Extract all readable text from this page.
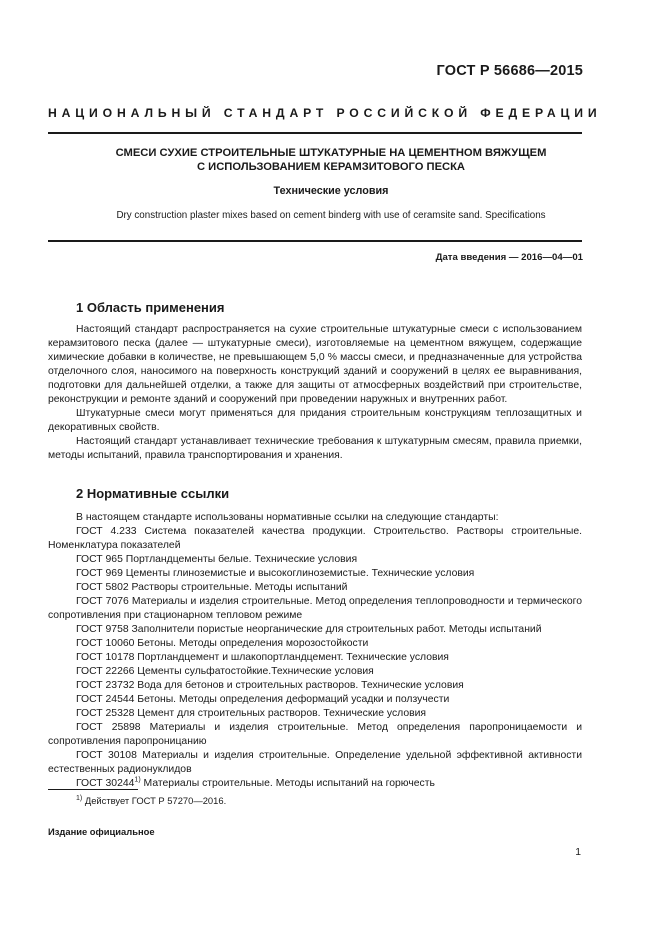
ГОСТ Р 56686—2015
НАЦИОНАЛЬНЫЙ СТАНДАРТ РОССИЙСКОЙ ФЕДЕРАЦИИ
СМЕСИ СУХИЕ СТРОИТЕЛЬНЫЕ ШТУКАТУРНЫЕ НА ЦЕМЕНТНОМ ВЯЖУЩЕМ
С ИСПОЛЬЗОВАНИЕМ КЕРАМЗИТОВОГО ПЕСКА
Технические условия
Dry construction plaster mixes based on cement binderg with use of ceramsite sand. Specifications
Дата введения — 2016—04—01
1 Область применения

Настоящий стандарт распространяется на сухие строительные штукатурные смеси с использованием керамзитового песка (далее — штукатурные смеси), изготовляемые на цементном вяжущем, содержащие химические добавки в количестве, не превышающем 5,0 % массы смеси, и предназначенные для устройства отделочного слоя, наносимого на поверхность конструкций зданий и сооружений в целях ее выравнивания, подготовки для дальнейшей отделки, а также для защиты от атмосферных воздействий при строительстве, реконструкции и ремонте зданий и сооружений при проведении наружных и внутренних работ.

Штукатурные смеси могут применяться для придания строительным конструкциям теплозащитных и декоративных свойств.

Настоящий стандарт устанавливает технические требования к штукатурным смесям, правила приемки, методы испытаний, правила транспортирования и хранения.

2 Нормативные ссылки

В настоящем стандарте использованы нормативные ссылки на следующие стандарты:

ГОСТ 4.233 Система показателей качества продукции. Строительство. Растворы строительные. Номенклатура показателей

ГОСТ 965 Портландцементы белые. Технические условия

ГОСТ 969 Цементы глиноземистые и высокоглиноземистые. Технические условия

ГОСТ 5802 Растворы строительные. Методы испытаний

ГОСТ 7076 Материалы и изделия строительные. Метод определения теплопроводности и термического сопротивления при стационарном тепловом режиме

ГОСТ 9758 Заполнители пористые неорганические для строительных работ. Методы испытаний

ГОСТ 10060 Бетоны. Методы определения морозостойкости

ГОСТ 10178 Портландцемент и шлакопортландцемент. Технические условия

ГОСТ 22266 Цементы сульфатостойкие.Технические условия

ГОСТ 23732 Вода для бетонов и строительных растворов. Технические условия

ГОСТ 24544 Бетоны. Методы определения деформаций усадки и ползучести

ГОСТ 25328 Цемент для строительных растворов. Технические условия

ГОСТ 25898 Материалы и изделия строительные. Метод определения паропроницаемости и сопротивления паропроницанию

ГОСТ 30108 Материалы и изделия строительные. Определение удельной эффективной активности естественных радионуклидов

ГОСТ 30244$^{1)}$ Материалы строительные. Методы испытаний на горючесть

$^{1)}$ Действует ГОСТ Р 57270—2016.
Издание официальное
1
